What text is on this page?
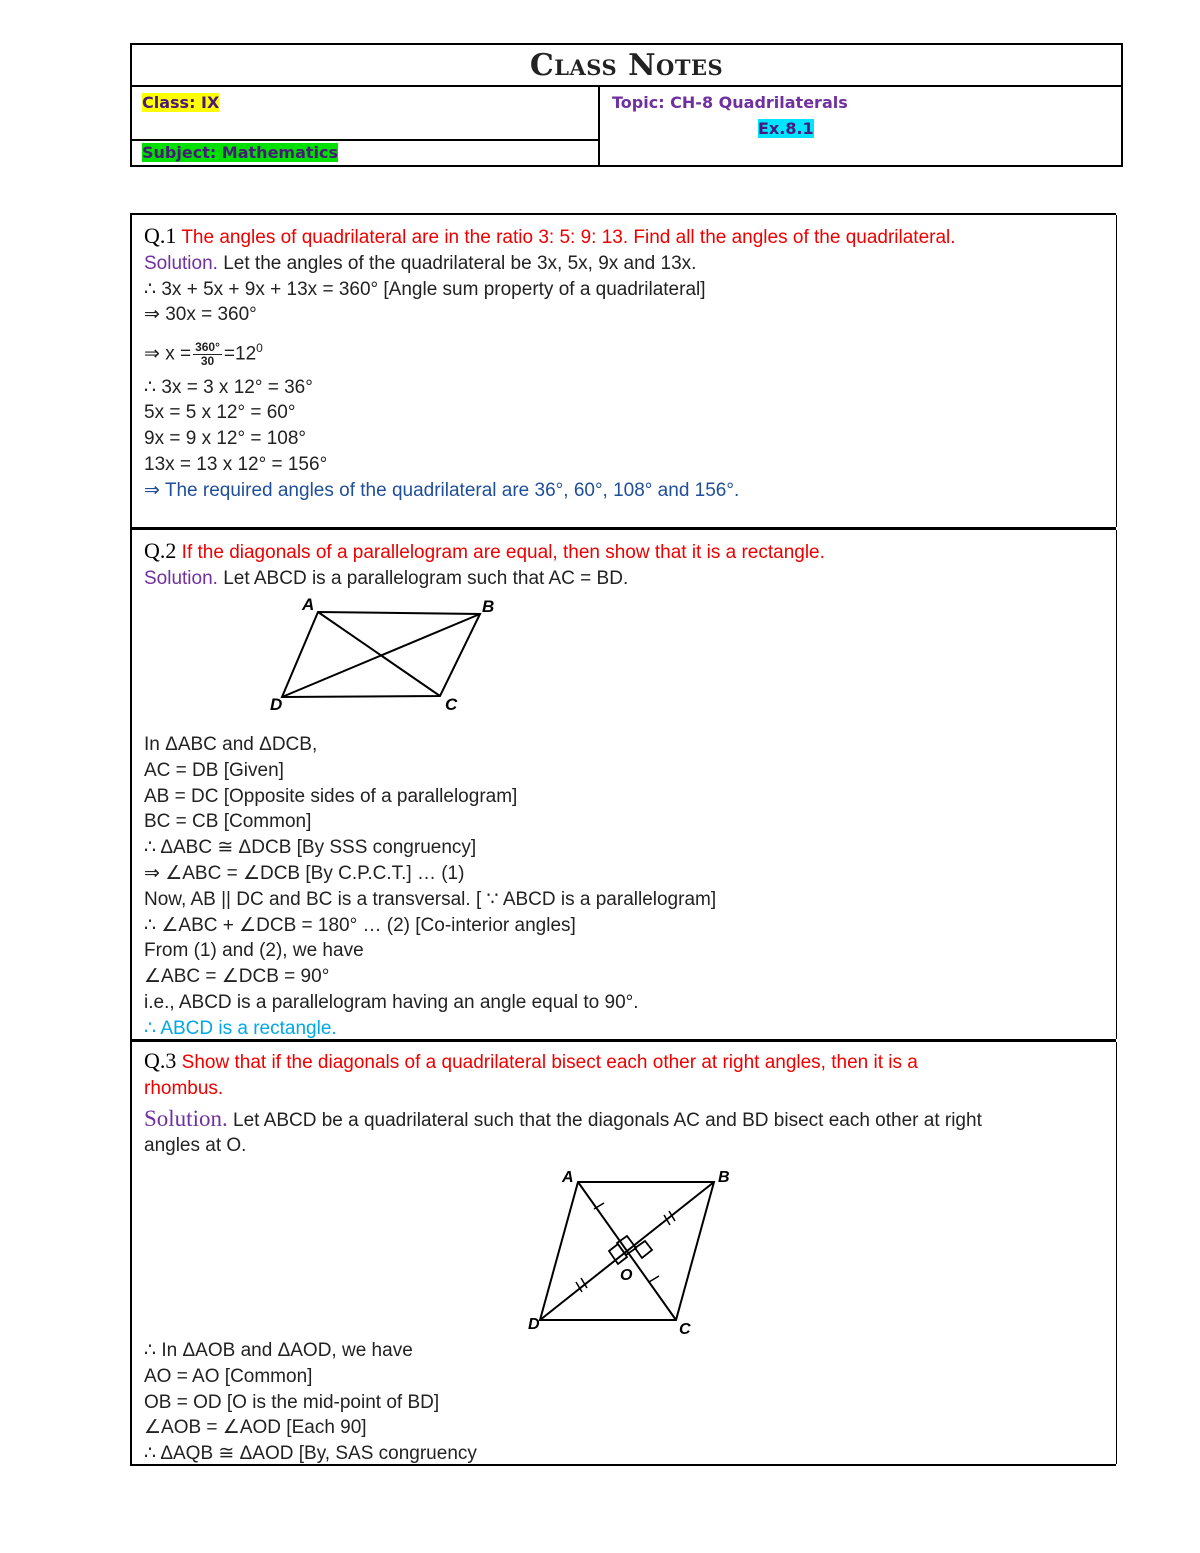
Class Notes
Class: IX
Subject: Mathematics
Topic: CH-8 Quadrilaterals
Ex.8.1
Q.1 The angles of quadrilateral are in the ratio 3: 5: 9: 13. Find all the angles of the quadrilateral.
Solution. Let the angles of the quadrilateral be 3x, 5x, 9x and 13x.
∴ 3x + 5x + 9x + 13x = 360° [Angle sum property of a quadrilateral]
⇒ 30x = 360°
⇒ $x = \frac{360^\circ}{30} =12^0$
∴ 3x = 3 x 12° = 36°
5x = 5 x 12° = 60°
9x = 9 x 12° = 108°
13x = 13 x 12° = 156°
⇒ The required angles of the quadrilateral are 36°, 60°, 108° and 156°.
Q.2 If the diagonals of a parallelogram are equal, then show that it is a rectangle.
Solution. Let ABCD is a parallelogram such that AC = BD.
A	B
C
D
In ΔABC and ΔDCB,
AC = DB [Given]
AB = DC [Opposite sides of a parallelogram]
BC = CB [Common]
∴ ΔABC ≅ ΔDCB [By SSS congruency]
⇒ ∠ABC = ∠DCB [By C.P.C.T.] … (1)
Now, AB || DC and BC is a transversal. [ ∵ ABCD is a parallelogram]
∴ ∠ABC + ∠DCB = 180° … (2) [Co-interior angles]
From (1) and (2), we have
∠ABC = ∠DCB = 90°
i.e., ABCD is a parallelogram having an angle equal to 90°.
∴ ABCD is a rectangle.
Q.3 Show that if the diagonals of a quadrilateral bisect each other at right angles, then it is a
rhombus.
Solution. Let ABCD be a quadrilateral such that the diagonals AC and BD bisect each other at right
angles at O.
A	B
C
D
O
∴ In ΔAOB and ΔAOD, we have
AO = AO [Common]
OB = OD [O is the mid-point of BD]
∠AOB = ∠AOD [Each 90]
∴ ΔAQB ≅ ΔAOD [By, SAS congruency
